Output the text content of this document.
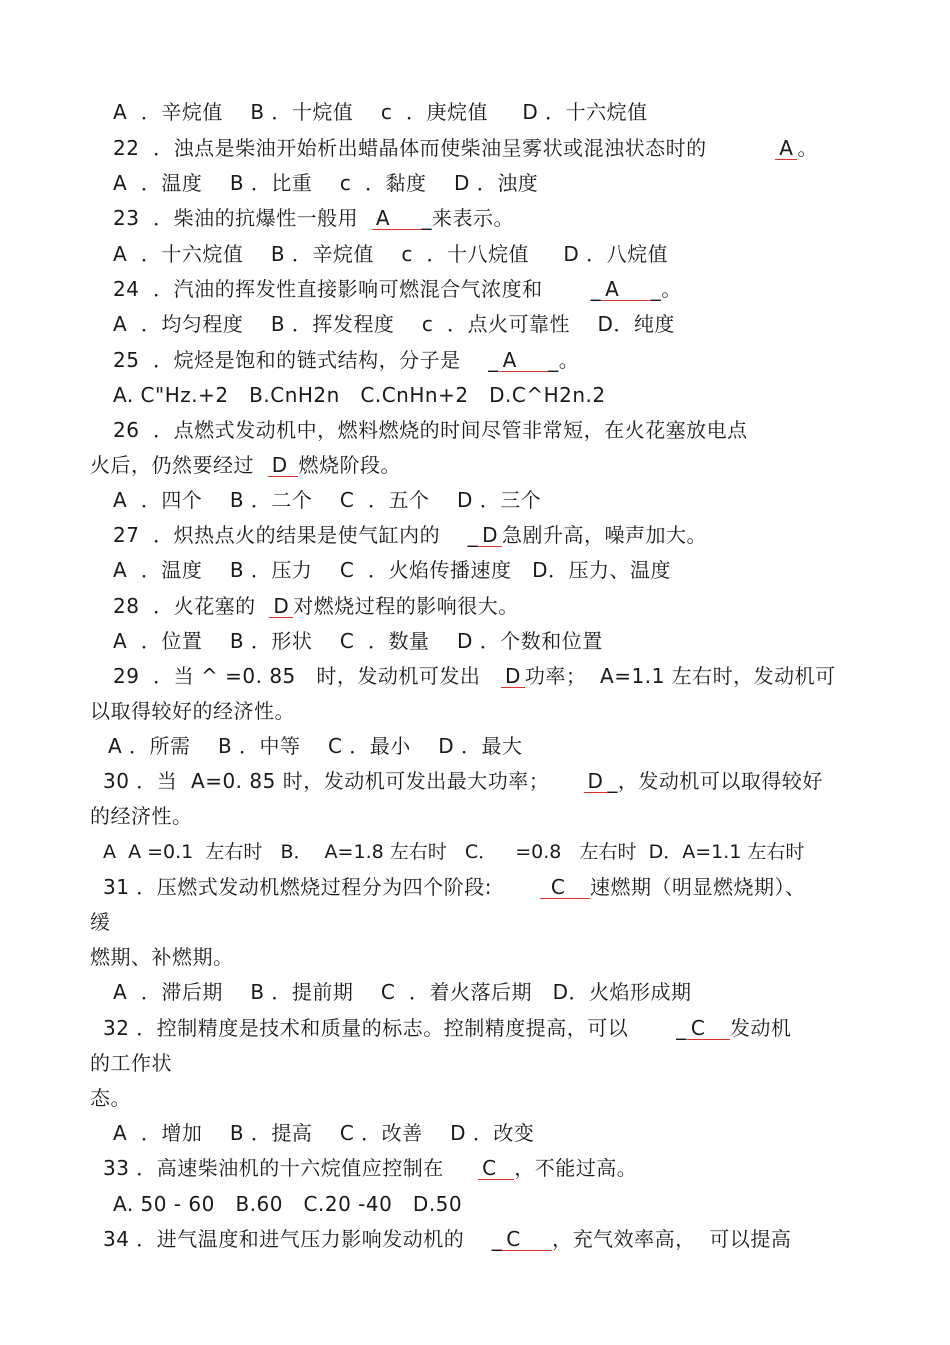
A  ．辛烷值    B ．十烷值    c  ．庚烷值     D ．十六烷值
22  ．浊点是柴油开始析出蜡晶体而使柴油呈雾状或混浊状态时的          A 。
A  ．温度    B ．比重    c  ．黏度    D ．浊度
23  ．柴油的抗爆性一般用  A    _来表示。
A  ．十六烷值    B ．辛烷值    c  ．十八烷值     D ．八烷值
24  ．汽油的挥发性直接影响可燃混合气浓度和       _ A    _。
A  ．均匀程度    B ．挥发程度    c  ．点火可靠性    D．纯度
25  ．烷烃是饱和的链式结构，分子是    _ A    _。
A. C"Hz.+2   B.CnH2n   C.CnHn+2   D.C^H2n.2
26  ．点燃式发动机中，燃料燃烧的时间尽管非常短，在火花塞放电点
火后，仍然要经过  D 燃烧阶段。
A  ．四个    B ．二个    C  ．五个    D ．三个
27  ．炽热点火的结果是使气缸内的    _ D 急剧升高，噪声加大。
A  ．温度    B ．压力    C  ．火焰传播速度   D．压力、温度
28  ．火花塞的  D 对燃烧过程的影响很大。
A  ．位置    B ．形状    C  ．数量    D ．个数和位置
29  ．当 ^ =0. 85   时，发动机可发出   D 功率；  A=1.1 左右时，发动机可
以取得较好的经济性。
A ．所需    B ．中等    C ．最小    D ．最大
30 ．当  A=0. 85 时，发动机可发出最大功率；     D _，发动机可以取得较好
的经济性。
A  A =0.1  左右时   B．  A=1.8 左右时   C．   =0.8   左右时  D．A=1.1 左右时
31 ．压燃式发动机燃烧过程分为四个阶段:        C   速燃期（明显燃烧期）、
缓
燃期、补燃期。
A  ．滞后期    B ．提前期    C  ．着火落后期   D．火焰形成期
32 ．控制精度是技术和质量的标志。控制精度提高，可以       _ C   发动机
的工作状
态。
A  ．增加    B ．提高    C ．改善    D ．改变
33 ．高速柴油机的十六烷值应控制在     C  ，不能过高。
A. 50 - 60   B.60   C.20 -40   D.50
34 ．进气温度和进气压力影响发动机的    _ C    ，充气效率高，  可以提高
